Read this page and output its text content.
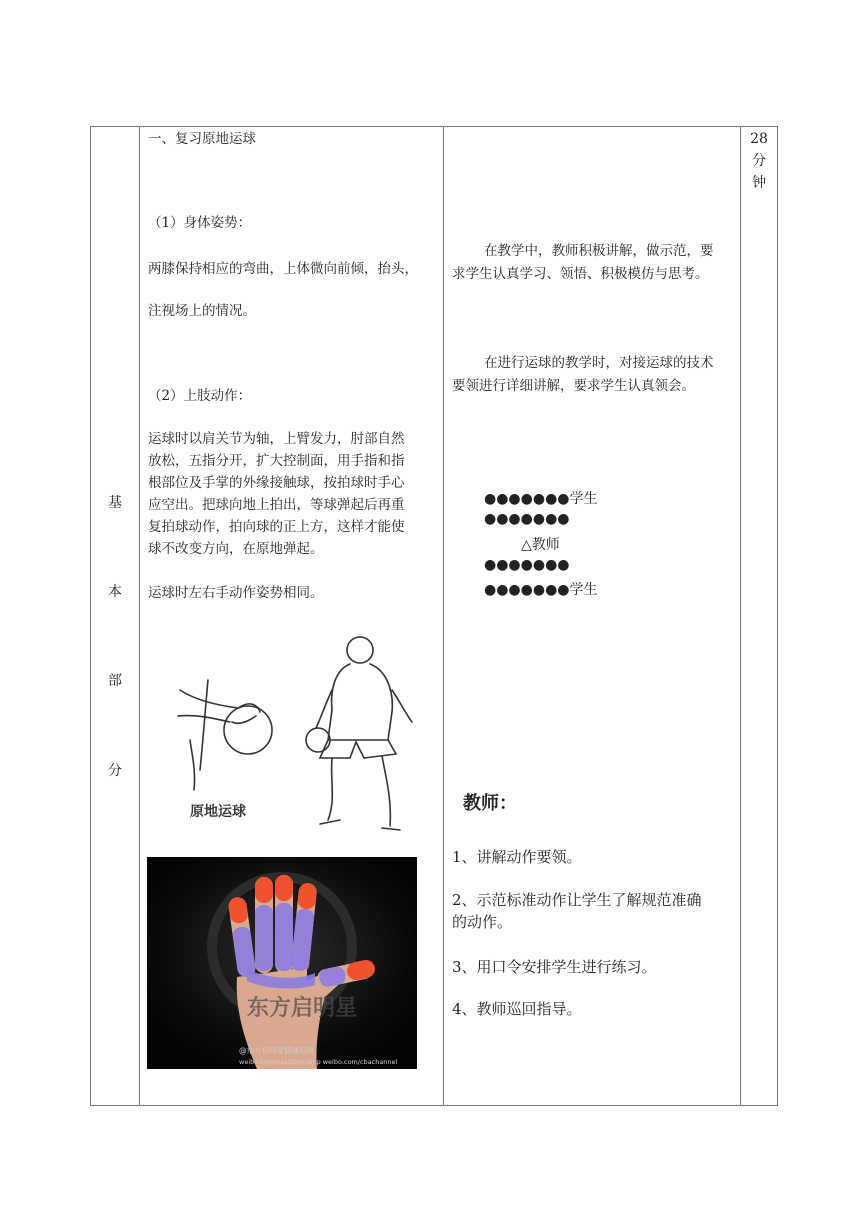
基
本
部
分
28
分
钟
一、复习原地运球
（1）身体姿势：
两膝保持相应的弯曲，上体微向前倾，抬头，
注视场上的情况。
（2）上肢动作：
运球时以肩关节为轴，上臂发力，肘部自然
放松，五指分开，扩大控制面，用手指和指
根部位及手掌的外缘接触球，按拍球时手心
应空出。把球向地上拍出，等球弹起后再重
复拍球动作，拍向球的正上方，这样才能使
球不改变方向，在原地弹起。
运球时左右手动作姿势相同。
原地运球
东方启明星
@东方启明星篮球培训
weibo.com/eaststarcamp weibo.com/cbachannel
在教学中，教师积极讲解，做示范，要
求学生认真学习、领悟、积极模仿与思考。
在进行运球的教学时，对接运球的技术
要领进行详细讲解，要求学生认真领会。
●●●●●●●学生
●●●●●●●
△教师
●●●●●●●
●●●●●●●学生
教师：
1、讲解动作要领。
2、示范标准动作让学生了解规范准确
的动作。
3、用口令安排学生进行练习。
4、教师巡回指导。
